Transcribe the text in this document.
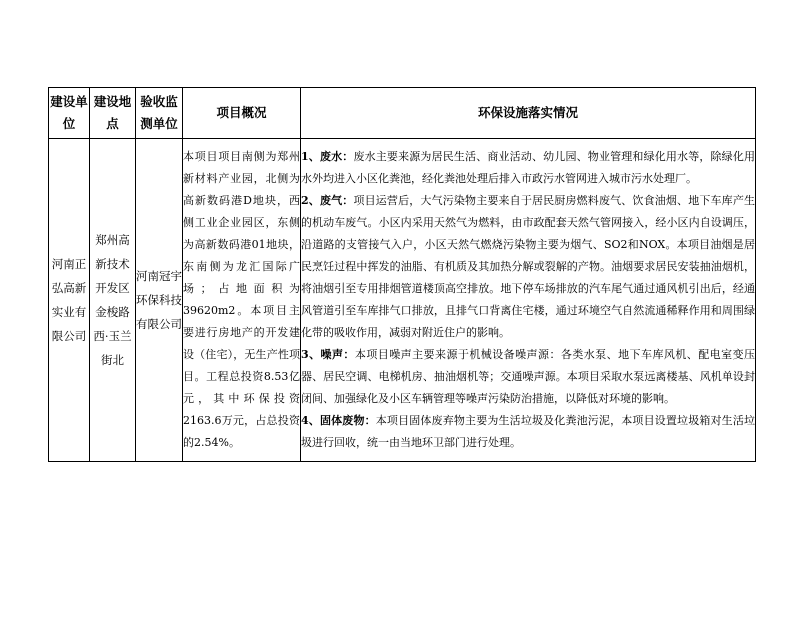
建设单位	建设地点	验收监测单位	项目概况	环保设施落实情况
河南正弘高新实业有限公司	郑州高新技术开发区金梭路西·玉兰街北	河南冠宇环保科技有限公司	本项目项目南侧为郑州新材料产业园，北侧为高新数码港D地块，西侧工业企业园区，东侧为高新数码港01地块，东南侧为龙汇国际广场；占地面积为39620m2。本项目主要进行房地产的开发建设（住宅），无生产性项目。工程总投资8.53亿元，其中环保投资2163.6万元，占总投资的2.54%。	1、废水：废水主要来源为居民生活、商业活动、幼儿园、物业管理和绿化用水等，除绿化用水外均进入小区化粪池，经化粪池处理后排入市政污水管网进入城市污水处理厂。

2、废气：项目运营后，大气污染物主要来自于居民厨房燃料废气、饮食油烟、地下车库产生的机动车废气。小区内采用天然气为燃料，由市政配套天然气管网接入，经小区内自设调压，沿道路的支管接气入户，小区天然气燃烧污染物主要为烟气、SO2和NOX。本项目油烟是居民烹饪过程中挥发的油脂、有机质及其加热分解或裂解的产物。油烟要求居民安装抽油烟机，将油烟引至专用排烟管道楼顶高空排放。地下停车场排放的汽车尾气通过通风机引出后，经通风管道引至车库排气口排放，且排气口背离住宅楼，通过环境空气自然流通稀释作用和周围绿化带的吸收作用，减弱对附近住户的影响。

3、噪声：本项目噪声主要来源于机械设备噪声源：各类水泵、地下车库风机、配电室变压器、居民空调、电梯机房、抽油烟机等；交通噪声源。本项目采取水泵远离楼基、风机单设封闭间、加强绿化及小区车辆管理等噪声污染防治措施，以降低对环境的影响。

4、固体废物：本项目固体废弃物主要为生活垃圾及化粪池污泥，本项目设置垃圾箱对生活垃圾进行回收，统一由当地环卫部门进行处理。
